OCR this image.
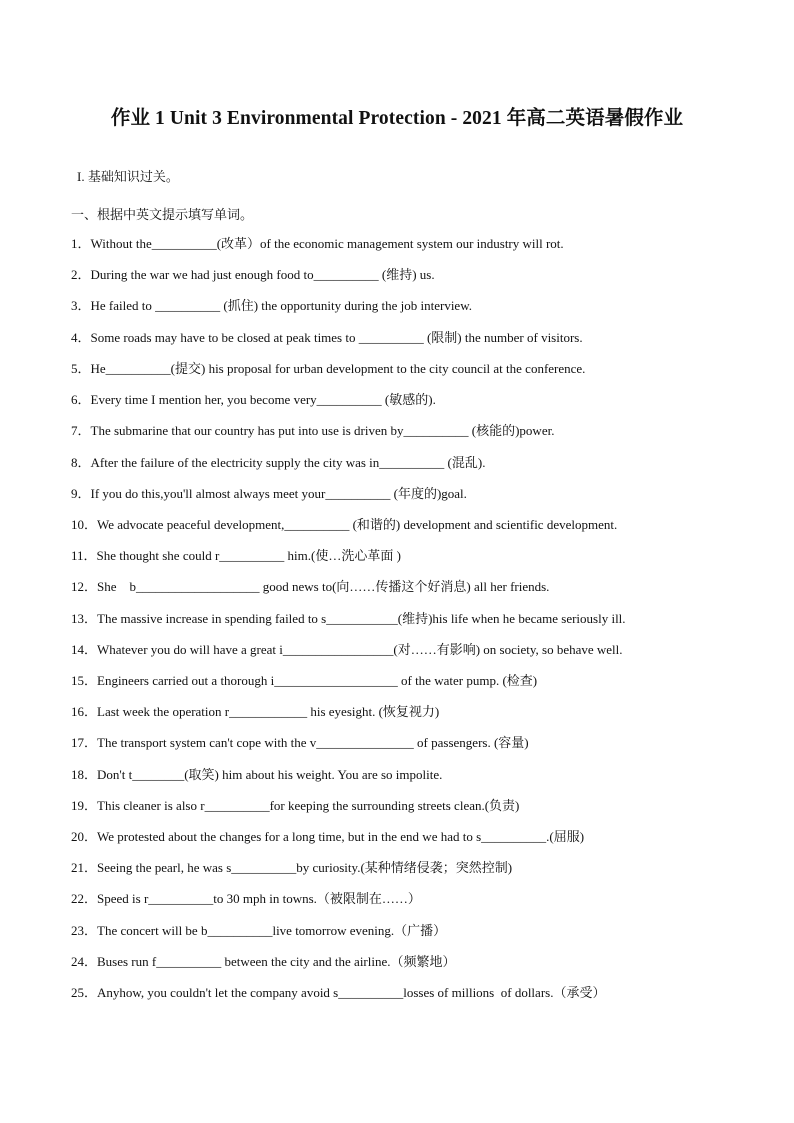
作业 1 Unit 3 Environmental Protection - 2021 年高二英语暑假作业
I. 基础知识过关。
一、根据中英文提示填写单词。
1．Without the__________(改革）of the economic management system our industry will rot.
2．During the war we had just enough food to__________ (维持) us.
3．He failed to __________ (抓住) the opportunity during the job interview.
4．Some roads may have to be closed at peak times to __________ (限制) the number of visitors.
5．He__________(提交) his proposal for urban development to the city council at the conference.
6．Every time I mention her, you become very__________ (敏感的).
7．The submarine that our country has put into use is driven by__________ (核能的)power.
8．After the failure of the electricity supply the city was in__________ (混乱).
9．If you do this,you'll almost always meet your__________ (年度的)goal.
10．We advocate peaceful development,__________ (和谐的) development and scientific development.
11．She thought she could r__________ him.(使…洗心革面 )
12．She    b___________________ good news to(向……传播这个好消息) all her friends.
13．The massive increase in spending failed to s___________(维持)his life when he became seriously ill.
14．Whatever you do will have a great i_________________(对……有影响) on society, so behave well.
15．Engineers carried out a thorough i___________________ of the water pump. (检查)
16．Last week the operation r____________ his eyesight. (恢复视力)
17．The transport system can't cope with the v_______________ of passengers. (容量)
18．Don't t________(取笑) him about his weight. You are so impolite.
19．This cleaner is also r__________for keeping the surrounding streets clean.(负责)
20．We protested about the changes for a long time, but in the end we had to s__________.(屈服)
21．Seeing the pearl, he was s__________by curiosity.(某种情绪侵袭；突然控制)
22．Speed is r__________to 30 mph in towns.（被限制在……）
23．The concert will be b__________live tomorrow evening.（广播）
24．Buses run f__________ between the city and the airline.（频繁地）
25．Anyhow, you couldn't let the company avoid s__________losses of millions  of dollars.（承受）
